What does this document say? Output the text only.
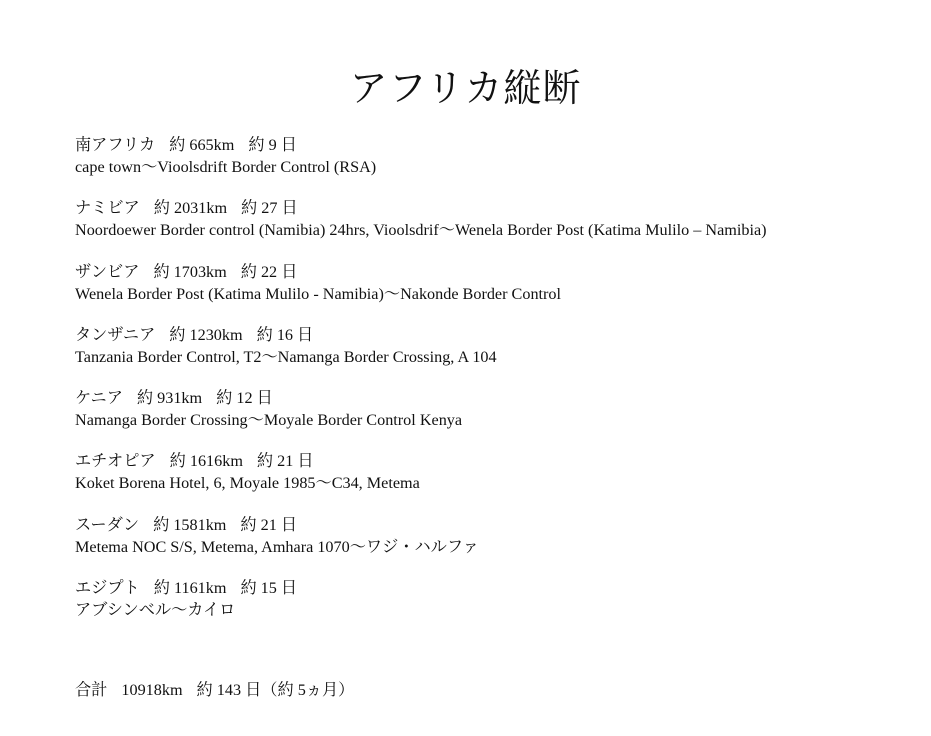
アフリカ縦断
南アフリカ 約 665km 約 9 日
cape town～Vioolsdrift Border Control (RSA)
ナミビア 約 2031km 約 27 日
Noordoewer Border control (Namibia) 24hrs, Vioolsdrif～Wenela Border Post (Katima Mulilo – Namibia)
ザンビア 約 1703km 約 22 日
Wenela Border Post (Katima Mulilo - Namibia)～Nakonde Border Control
タンザニア 約 1230km 約 16 日
Tanzania Border Control, T2～Namanga Border Crossing, A 104
ケニア 約 931km 約 12 日
Namanga Border Crossing～Moyale Border Control Kenya
エチオピア 約 1616km 約 21 日
Koket Borena Hotel, 6, Moyale 1985～C34, Metema
スーダン 約 1581km 約 21 日
Metema NOC S/S, Metema, Amhara 1070～ワジ・ハルファ
エジプト 約 1161km 約 15 日
アブシンベル～カイロ
合計 10918km 約 143 日（約 5ヵ月）
